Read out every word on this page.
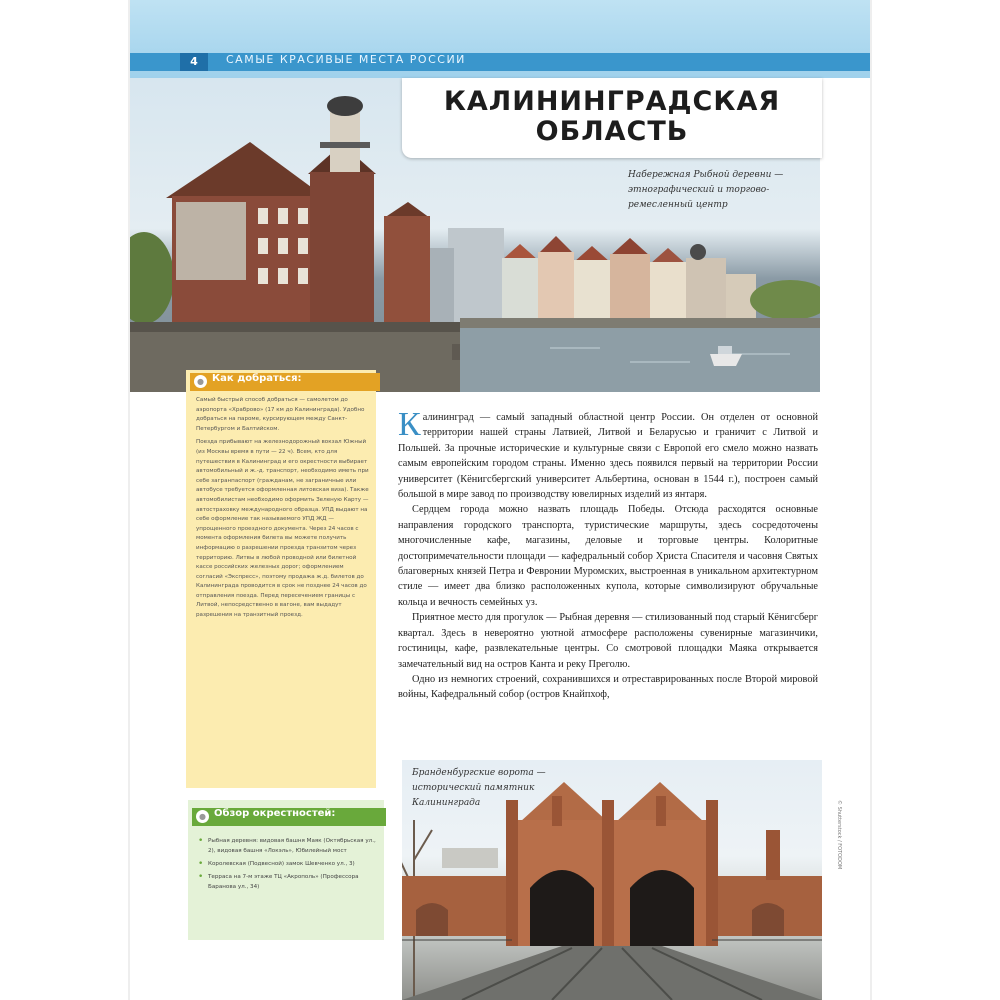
4	САМЫЕ КРАСИВЫЕ МЕСТА РОССИИ
КАЛИНИНГРАДСКАЯ
ОБЛАСТЬ
Набережная Рыбной деревни — этнографический и торгово-ремесленный центр
● Как добраться:

Самый быстрый способ добраться — самолетом до аэропорта «Храброво» (17 км до Калининграда). Удобно добраться на пароме, курсирующем между Санкт-Петербургом и Балтийском.

Поезда прибывают на железнодорожный вокзал Южный (из Москвы время в пути — 22 ч). Всем, кто для путешествия в Калининград и его окрестности выбирает автомобильный и ж.-д. транспорт, необходимо иметь при себе загранпаспорт (гражданам, не заграничные или автобусе требуется оформленная литовская виза). Также автомобилистам необходимо оформить Зеленую Карту — автостраховку международного образца. УПД выдают на себе оформление так называемого УПД ЖД — упрощенного проездного документа. Через 24 часов с момента оформления билета вы можете получить информацию о разрешении проезда транзитом через территорию. Литвы в любой проводной или билетной кассе российских железных дорог; оформлением согласий «Экспресс», поэтому продажа ж.д. билетов до Калининграда проводится в срок не позднее 24 часов до отправления поезда. Перед пересечением границы с Литвой, непосредственно в вагоне, вам выдадут разрешения на транзитный проезд.

● Обзор окрестностей:
• Рыбная деревня: видовая башня Маяк (Октябрьская ул., 2), видовая башня «Локэль», Юбилейный мост
• Королевская (Подвесной) замок Шевченко ул., 3)
• Терраса на 7-м этаже ТЦ «Акрополь» (Профессора Баранова ул., 34)

Калининград — самый западный областной центр России. Он отделен от основной территории нашей страны Латвией, Литвой и Беларусью и граничит с Литвой и Польшей. За прочные исторические и культурные связи с Европой его смело можно назвать самым европейским городом страны. Именно здесь появился первый на территории России университет (Кёнигсбергский университет Альбертина, основан в 1544 г.), построен самый большой в мире завод по производству ювелирных изделий из янтаря.

Сердцем города можно назвать площадь Победы. Отсюда расходятся основные направления городского транспорта, туристические маршруты, здесь сосредоточены многочисленные кафе, магазины, деловые и торговые центры. Колоритные достопримечательности площади — кафедральный собор Христа Спасителя и часовня Святых благоверных князей Петра и Февронии Муромских, выстроенная в уникальном архитектурном стиле — имеет два близко расположенных купола, которые символизируют обручальные кольца и вечность семейных уз.

Приятное место для прогулок — Рыбная деревня — стилизованный под старый Кёнигсберг квартал. Здесь в невероятно уютной атмосфере расположены сувенирные магазинчики, гостиницы, кафе, развлекательные центры. Со смотровой площадки Маяка открывается замечательный вид на остров Канта и реку Преголю.

Одно из немногих строений, сохранившихся и отреставрированных после Второй мировой войны, Кафедральный собор (остров Кнайпхоф,

Бранденбургские ворота — исторический памятник Калининграда	© Shutterstock / FOTODOM
